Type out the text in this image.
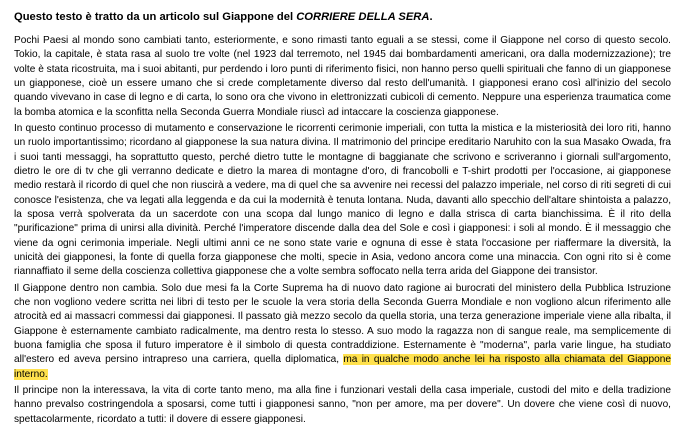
Questo testo è tratto da un articolo sul Giappone del CORRIERE DELLA SERA.

Pochi Paesi al mondo sono cambiati tanto, esteriormente, e sono rimasti tanto eguali a se stessi, come il Giappone nel corso di questo secolo. Tokio, la capitale, è stata rasa al suolo tre volte (nel 1923 dal terremoto, nel 1945 dai bombardamenti americani, ora dalla modernizzazione); tre volte è stata ricostruita, ma i suoi abitanti, pur perdendo i loro punti di riferimento fisici, non hanno perso quelli spirituali che fanno di un giapponese un giapponese, cioè un essere umano che si crede completamente diverso dal resto dell'umanità. I giapponesi erano così all'inizio del secolo quando vivevano in case di legno e di carta, lo sono ora che vivono in elettronizzati cubicoli di cemento. Neppure una esperienza traumatica come la bomba atomica e la sconfitta nella Seconda Guerra Mondiale riuscì ad intaccare la coscienza giapponese.

In questo continuo processo di mutamento e conservazione le ricorrenti cerimonie imperiali, con tutta la mistica e la misteriosità dei loro riti, hanno un ruolo importantissimo; ricordano al giapponese la sua natura divina. Il matrimonio del principe ereditario Naruhito con la sua Masako Owada, fra i suoi tanti messaggi, ha soprattutto questo, perché dietro tutte le montagne di baggianate che scrivono e scriveranno i giornali sull'argomento, dietro le ore di tv che gli verranno dedicate e dietro la marea di montagne d'oro, di francobolli e T-shirt prodotti per l'occasione, ai giapponese medio restarà il ricordo di quel che non riuscirà a vedere, ma di quel che sa avvenire nei recessi del palazzo imperiale, nel corso di riti segreti di cui conosce l'esistenza, che va legati alla leggenda e da cui la modernità è tenuta lontana. Nuda, davanti allo specchio dell'altare shintoista a palazzo, la sposa verrà spolverata da un sacerdote con una scopa dal lungo manico di legno e dalla strisca di carta bianchissima. È il rito della "purificazione" prima di unirsi alla divinità. Perché l'imperatore discende dalla dea del Sole e così i giapponesi: i soli al mondo. È il messaggio che viene da ogni cerimonia imperiale. Negli ultimi anni ce ne sono state varie e ognuna di esse è stata l'occasione per riaffermare la diversità, la unicità dei giapponesi, la fonte di quella forza giapponese che molti, specie in Asia, vedono ancora come una minaccia. Con ogni rito si è come riannaffiato il seme della coscienza collettiva giapponese che a volte sembra soffocato nella terra arida del Giappone dei transistor.

Il Giappone dentro non cambia. Solo due mesi fa la Corte Suprema ha di nuovo dato ragione ai burocrati del ministero della Pubblica Istruzione che non vogliono vedere scritta nei libri di testo per le scuole la vera storia della Seconda Guerra Mondiale e non vogliono alcun riferimento alle atrocità ed ai massacri commessi dai giapponesi. Il passato già mezzo secolo da quella storia, una terza generazione imperiale viene alla ribalta, il Giappone è esternamente cambiato radicalmente, ma dentro resta lo stesso. A suo modo la ragazza non di sangue reale, ma semplicemente di buona famiglia che sposa il futuro imperatore è il simbolo di questa contraddizione. Esternamente è "moderna", parla varie lingue, ha studiato all'estero ed aveva persino intrapreso una carriera, quella diplomatica, ma in qualche modo anche lei ha risposto alla chiamata del Giappone interno.

Il principe non la interessava, la vita di corte tanto meno, ma alla fine i funzionari vestali della casa imperiale, custodi del mito e della tradizione hanno prevalso costringendola a sposarsi, come tutti i giapponesi sanno, "non per amore, ma per dovere". Un dovere che viene così di nuovo, spettacolarmente, ricordato a tutti: il dovere di essere giapponesi.
